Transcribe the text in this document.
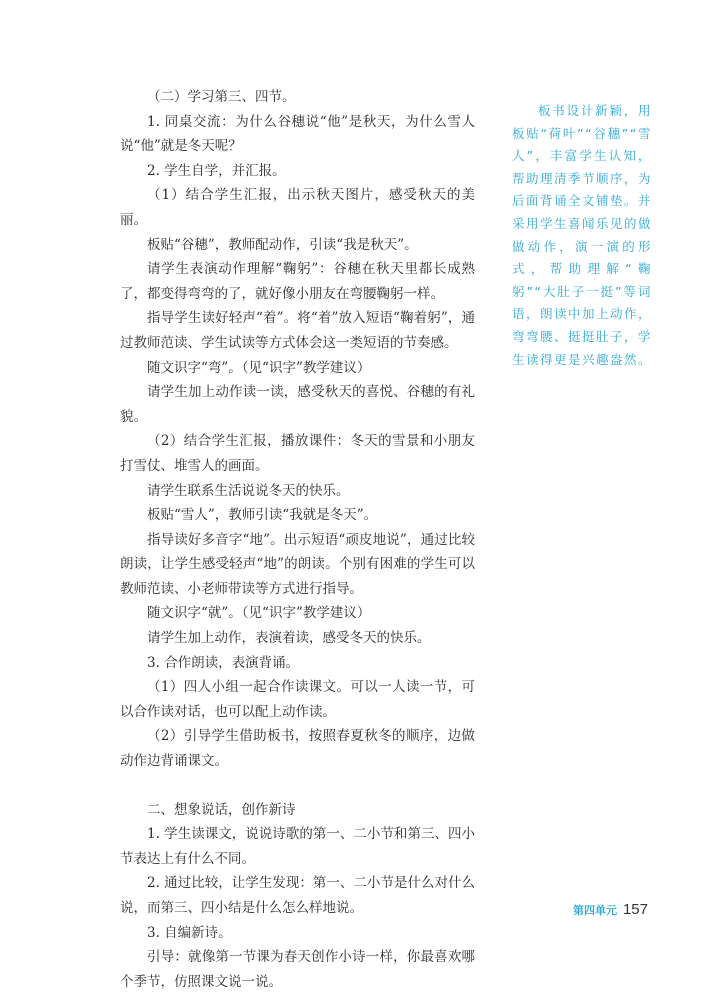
（二）学习第三、四节。

1. 同桌交流：为什么谷穗说“他”是秋天，为什么雪人说“他”就是冬天呢？

2. 学生自学，并汇报。

（1）结合学生汇报，出示秋天图片，感受秋天的美丽。

板贴“谷穗”，教师配动作，引读“我是秋天”。

请学生表演动作理解“鞠躬”：谷穗在秋天里都长成熟了，都变得弯弯的了，就好像小朋友在弯腰鞠躬一样。

指导学生读好轻声“着”。将“着”放入短语“鞠着躬”，通过教师范读、学生试读等方式体会这一类短语的节奏感。

随文识字“弯”。（见“识字”教学建议）

请学生加上动作读一读，感受秋天的喜悦、谷穗的有礼貌。

（2）结合学生汇报，播放课件：冬天的雪景和小朋友打雪仗、堆雪人的画面。

请学生联系生活说说冬天的快乐。

板贴“雪人”，教师引读“我就是冬天”。

指导读好多音字“地”。出示短语“顽皮地说”，通过比较朗读，让学生感受轻声“地”的朗读。个别有困难的学生可以教师范读、小老师带读等方式进行指导。

随文识字“就”。（见“识字”教学建议）

请学生加上动作，表演着读，感受冬天的快乐。

3. 合作朗读，表演背诵。

（1）四人小组一起合作读课文。可以一人读一节，可以合作读对话，也可以配上动作读。

（2）引导学生借助板书，按照春夏秋冬的顺序，边做动作边背诵课文。

二、想象说话，创作新诗

1. 学生读课文，说说诗歌的第一、二小节和第三、四小节表达上有什么不同。

2. 通过比较，让学生发现：第一、二小节是什么对什么说，而第三、四小结是什么怎么样地说。

3. 自编新诗。

引导：就像第一节课为春天创作小诗一样，你最喜欢哪个季节，仿照课文说一说。

板书设计新颖，用板贴“荷叶”“谷穗”“雪人”，丰富学生认知，帮助理清季节顺序，为后面背诵全文铺垫。并采用学生喜闻乐见的做做动作，演一演的形式，帮助理解“鞠躬”“大肚子一挺”等词语，朗读中加上动作，弯弯腰、挺挺肚子，学生读得更是兴趣盎然。

第四单元 157
